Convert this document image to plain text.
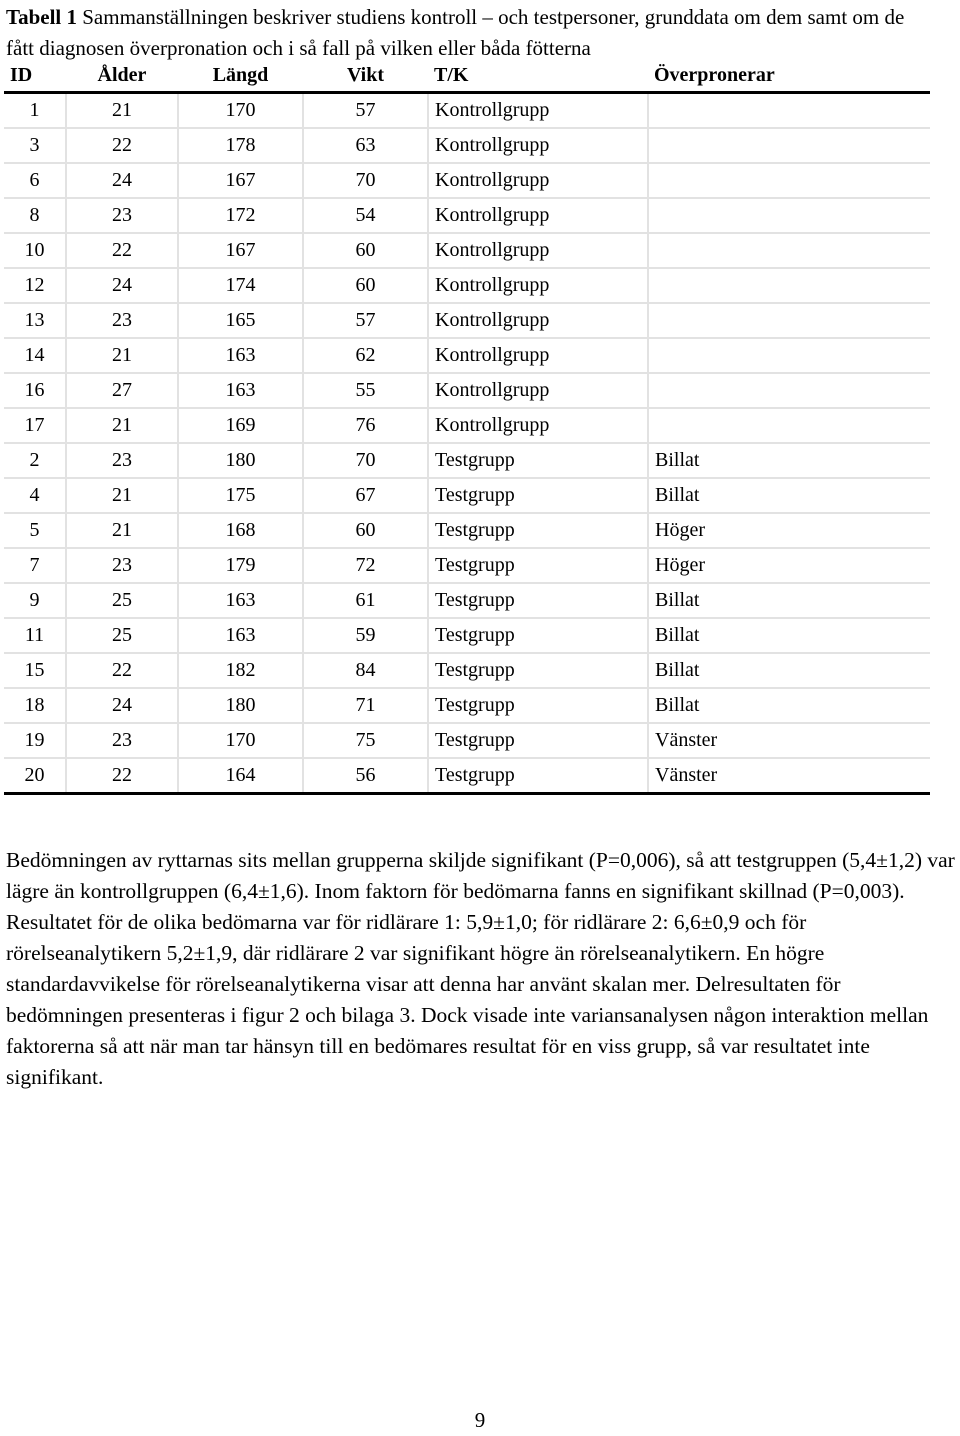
Tabell 1 Sammanställningen beskriver studiens kontroll – och testpersoner, grunddata om dem samt om de fått diagnosen överpronation och i så fall på vilken eller båda fötterna
ID	Ålder	Längd	Vikt	T/K	Överpronerar
1	21	170	57	Kontrollgrupp	
3	22	178	63	Kontrollgrupp	
6	24	167	70	Kontrollgrupp	
8	23	172	54	Kontrollgrupp	
10	22	167	60	Kontrollgrupp	
12	24	174	60	Kontrollgrupp	
13	23	165	57	Kontrollgrupp	
14	21	163	62	Kontrollgrupp	
16	27	163	55	Kontrollgrupp	
17	21	169	76	Kontrollgrupp	
2	23	180	70	Testgrupp	Billat
4	21	175	67	Testgrupp	Billat
5	21	168	60	Testgrupp	Höger
7	23	179	72	Testgrupp	Höger
9	25	163	61	Testgrupp	Billat
11	25	163	59	Testgrupp	Billat
15	22	182	84	Testgrupp	Billat
18	24	180	71	Testgrupp	Billat
19	23	170	75	Testgrupp	Vänster
20	22	164	56	Testgrupp	Vänster
Bedömningen av ryttarnas sits mellan grupperna skiljde signifikant (P=0,006), så att testgruppen (5,4±1,2) var lägre än kontrollgruppen (6,4±1,6). Inom faktorn för bedömarna fanns en signifikant skillnad (P=0,003). Resultatet för de olika bedömarna var för ridlärare 1: 5,9±1,0; för ridlärare 2: 6,6±0,9 och för rörelseanalytikern 5,2±1,9, där ridlärare 2 var signifikant högre än rörelseanalytikern. En högre standardavvikelse för rörelseanalytikerna visar att denna har använt skalan mer. Delresultaten för bedömningen presenteras i figur 2 och bilaga 3. Dock visade inte variansanalysen någon interaktion mellan faktorerna så att när man tar hänsyn till en bedömares resultat för en viss grupp, så var resultatet inte signifikant.
9
